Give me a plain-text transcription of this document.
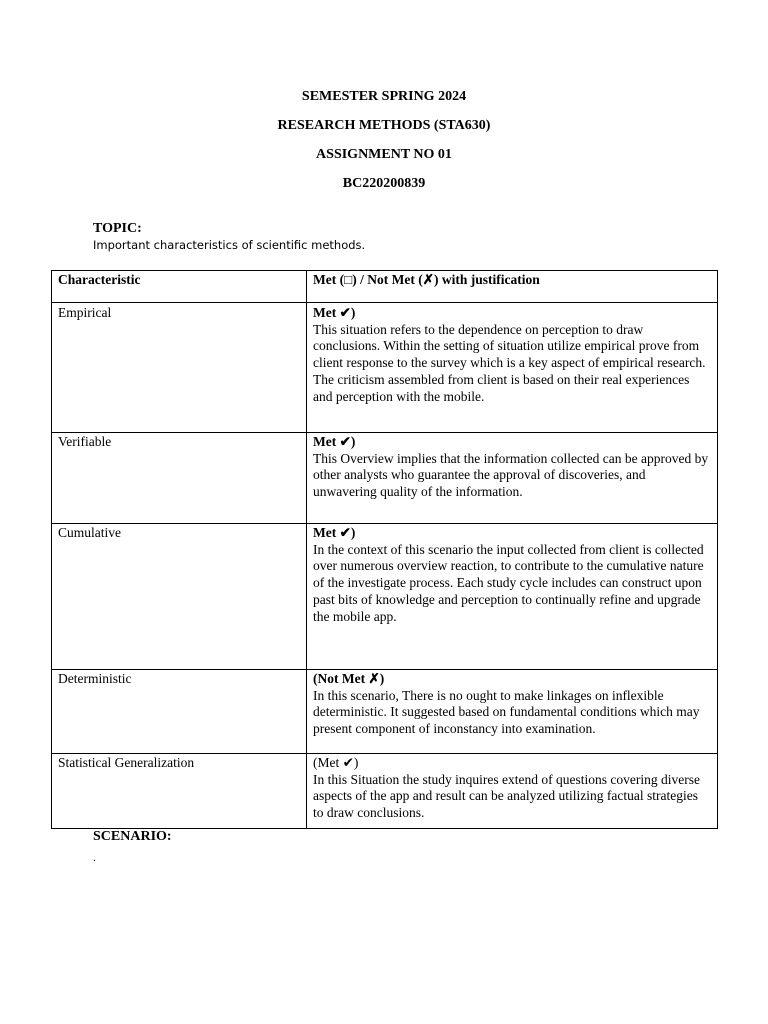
SEMESTER SPRING 2024
RESEARCH METHODS (STA630)
ASSIGNMENT NO 01
BC220200839
TOPIC:
Important characteristics of scientific methods.
Characteristic	Met (□) / Not Met (✗) with justification
Empirical	Met ✔)
This situation refers to the dependence on perception to draw conclusions. Within the setting of situation utilize empirical prove from client response to the survey which is a key aspect of empirical research. The criticism assembled from client is based on their real experiences and perception with the mobile.

Verifiable	Met ✔)
This Overview implies that the information collected can be approved by other analysts who guarantee the approval of discoveries, and unwavering quality of the information.

Cumulative	Met ✔)
In the context of this scenario the input collected from client is collected over numerous overview reaction, to contribute to the cumulative nature of the investigate process. Each study cycle includes can construct upon past bits of knowledge and perception to continually refine and upgrade the mobile app.

Deterministic	(Not Met ✗)
In this scenario, There is no ought to make linkages on inflexible deterministic. It suggested based on fundamental conditions which may present component of inconstancy into examination.

Statistical Generalization	(Met ✔)
In this Situation the study inquires extend of questions covering diverse aspects of the app and result can be analyzed utilizing factual strategies to draw conclusions.
SCENARIO:
.
